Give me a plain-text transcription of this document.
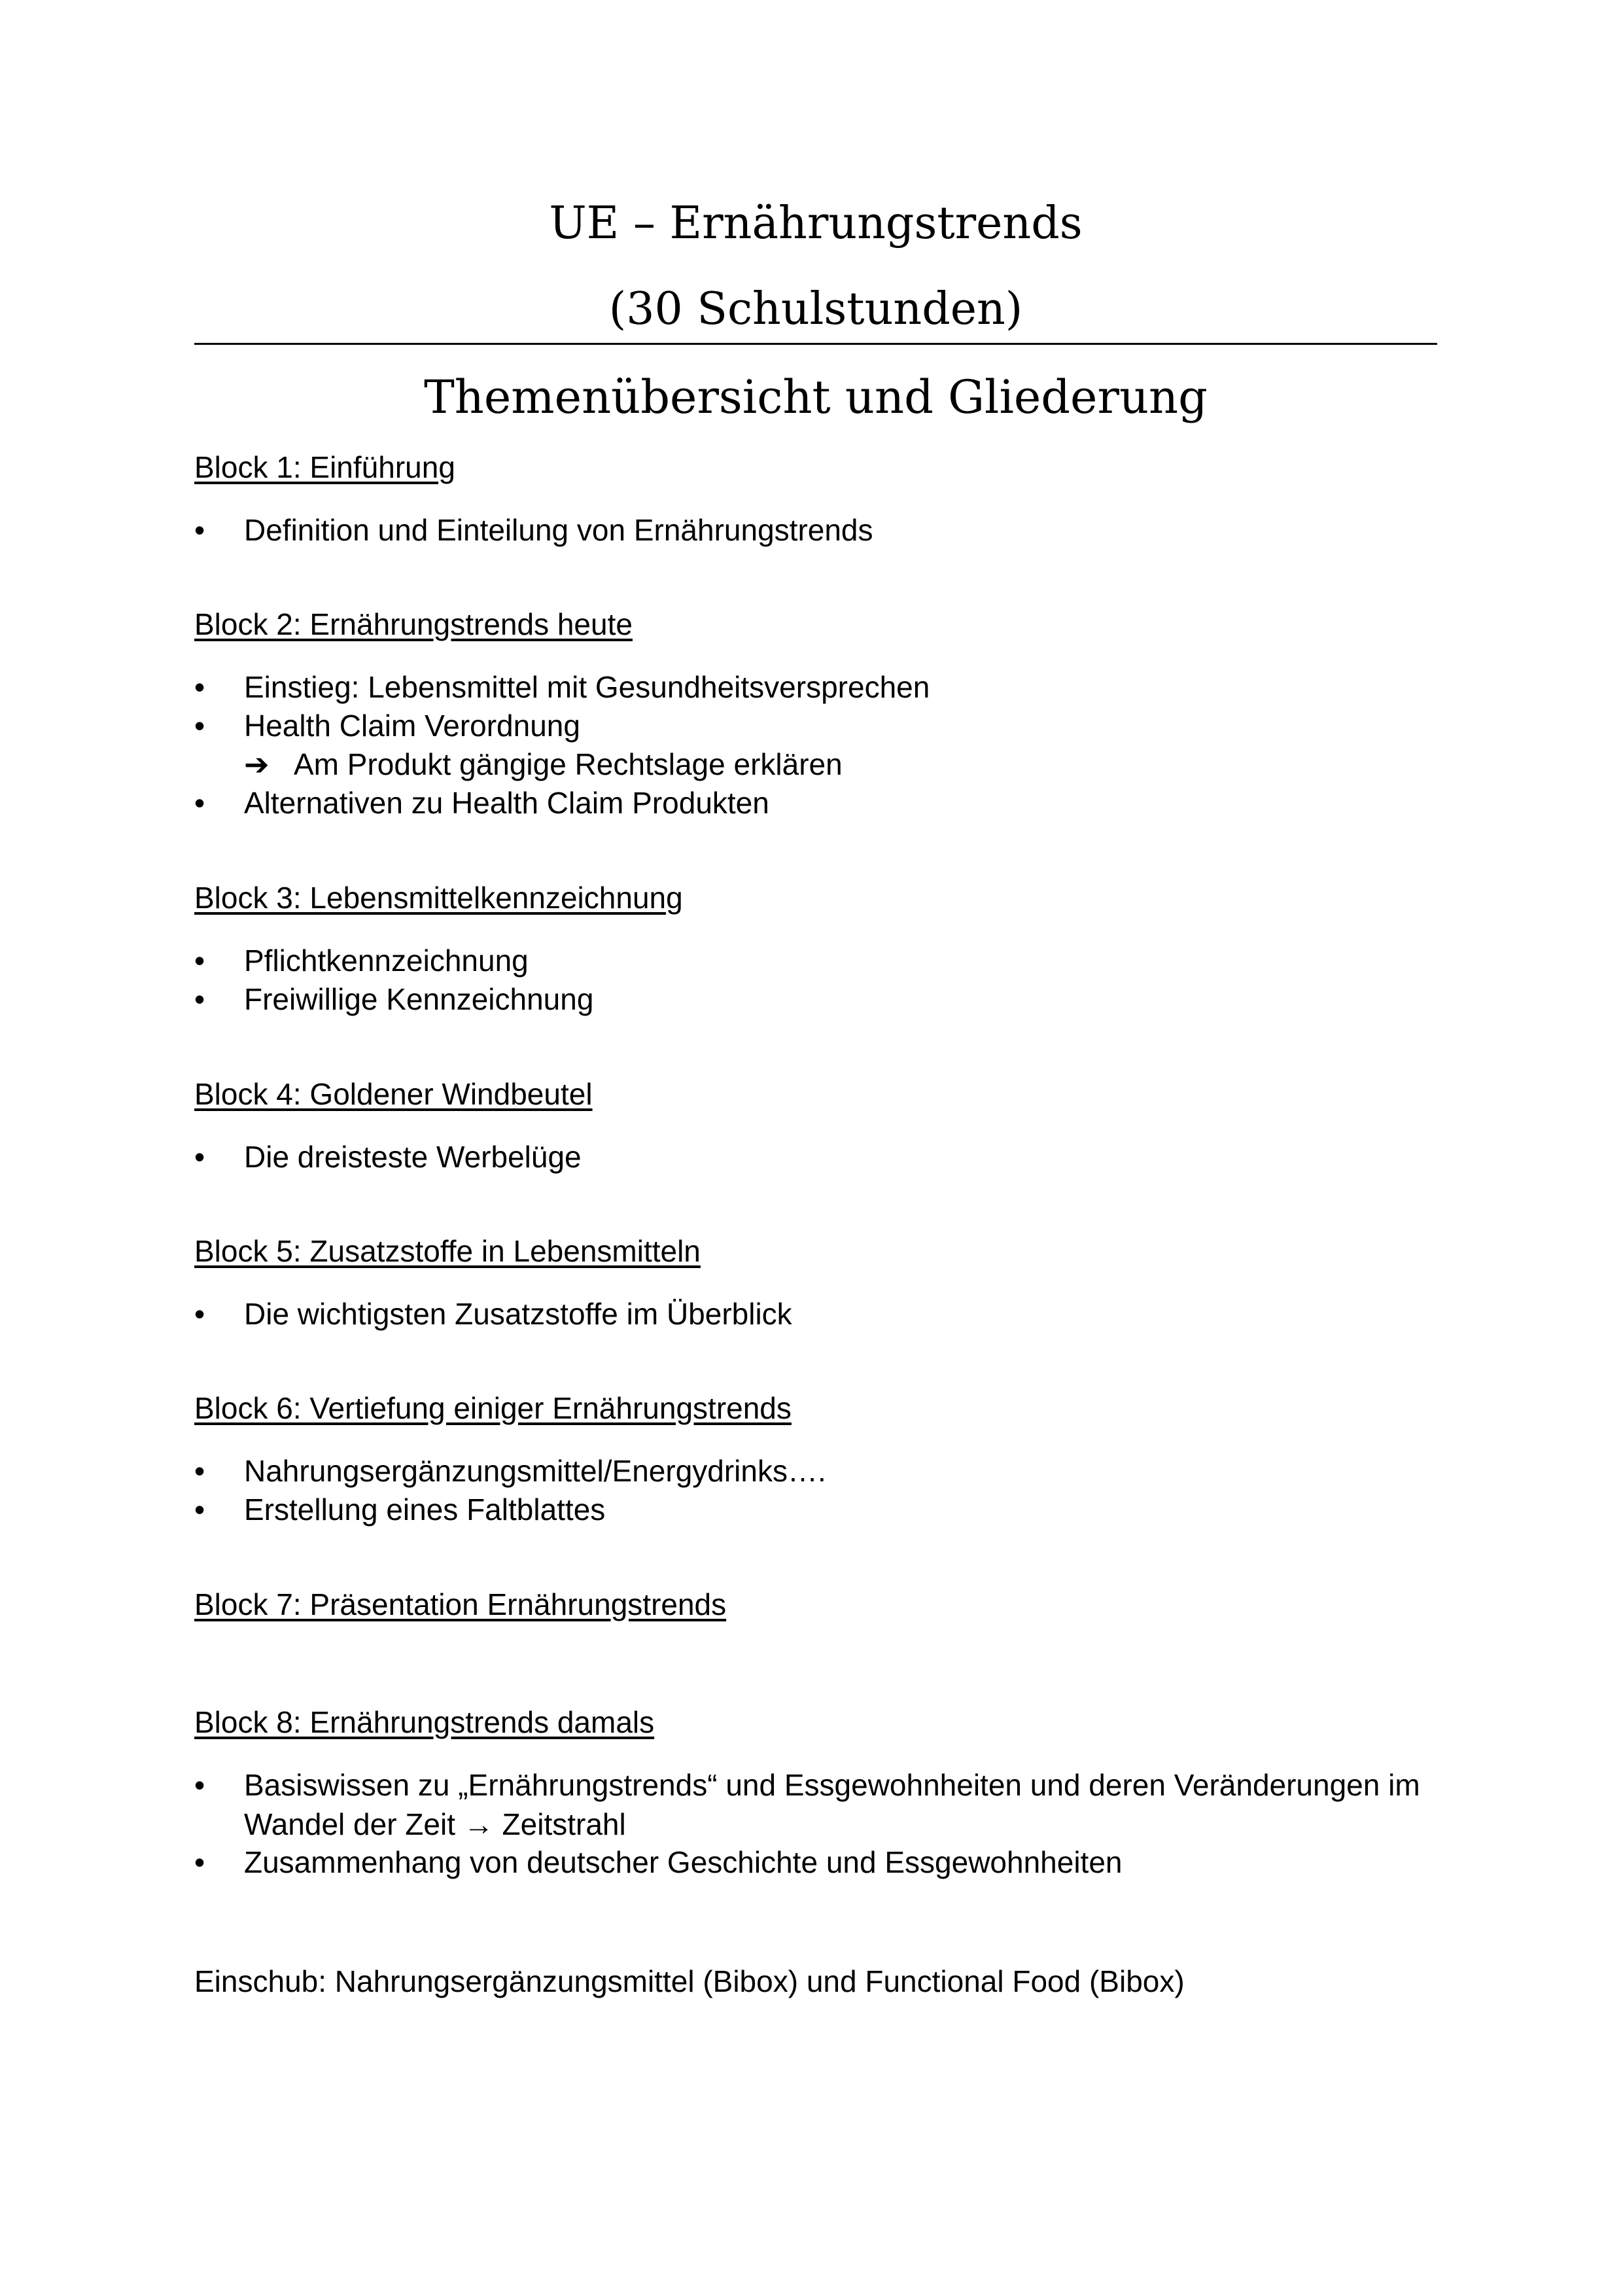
UE – Ernährungstrends
(30 Schulstunden)
Themenübersicht und Gliederung
Block 1: Einführung
• Definition und Einteilung von Ernährungstrends
Block 2: Ernährungstrends heute
• Einstieg: Lebensmittel mit Gesundheitsversprechen
• Health Claim Verordnung
➔ Am Produkt gängige Rechtslage erklären
• Alternativen zu Health Claim Produkten
Block 3: Lebensmittelkennzeichnung
• Pflichtkennzeichnung
• Freiwillige Kennzeichnung
Block 4: Goldener Windbeutel
• Die dreisteste Werbelüge
Block 5: Zusatzstoffe in Lebensmitteln
• Die wichtigsten Zusatzstoffe im Überblick
Block 6: Vertiefung einiger Ernährungstrends
• Nahrungsergänzungsmittel/Energydrinks….
• Erstellung eines Faltblattes
Block 7: Präsentation Ernährungstrends
Block 8: Ernährungstrends damals
• Basiswissen zu „Ernährungstrends“ und Essgewohnheiten und deren Veränderungen im Wandel der Zeit → Zeitstrahl
• Zusammenhang von deutscher Geschichte und Essgewohnheiten
Einschub: Nahrungsergänzungsmittel (Bibox) und Functional Food (Bibox)
